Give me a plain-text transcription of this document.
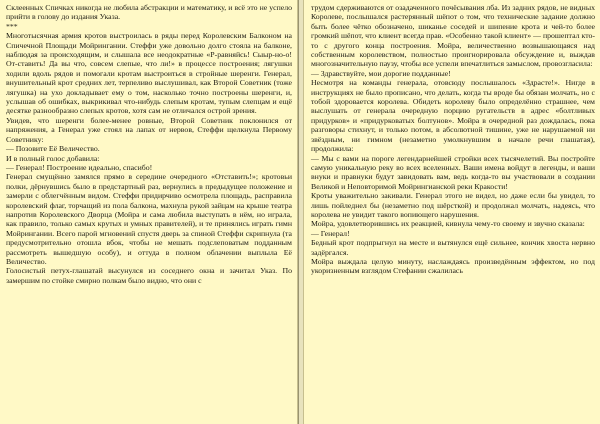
Склеенных Спичках никогда не любила абстракции и математику, и всё это не успело прийти в голову до издания Указа.

***

Многотысячная армия кротов выстроилась в ряды перед Королевским Балконом на Спичечной Площади Мойрингании. Стеффи уже довольно долго стояла на балконе, наблюдая за происходящим, и слышала все неодократные «Р-равняйсь! Сыыр-но-о! От-ставить! Да вы что, совсем слепые, что ли!» в процессе построения; лягушки ходили вдоль рядов и помогали кротам выстроиться в стройные шеренги. Генерал, внушительный крот средних лет, терпеливо выслушивал, как Второй Советник (тоже лягушка) на ухо докладывает ему о том, насколько точно построены шеренги, и, услышав об ошибках, выкрикивал что-нибудь слепым кротам, тупым слепцам и ещё десятке разнообразно слепых кротов, хотя сам не отличался острой зрения.

Увидев, что шеренги более-менее ровные, Второй Советник поклонился от напряжения, а Генерал уже стоял на лапах от нервов, Стеффи щелкнула Первому Советнику:

— Позовите Её Величество.

И в полный голос добавила:

— Генерал! Построение идеально, спасибо!

Генерал смущённо замялся прямо в середине очередного «Отставить!»; кротовьи полки, дёрнувшись было в предстартный раз, вернулись в предыдущее положение и замерли с облегчённым видом. Стеффи придирчиво осмотрела площадь, расправила королевский флаг, торчащий из пола балкона, махнула рукой зайцам на крыше театра напротив Королевского Дворца (Мойра и сама любила выступать в нём, но играла, как правило, только самых крутых и умных правителей), и те принялись играть гимн Мойрингании. Всего парой мгновений спустя дверь за спиной Стеффи скрипнула (та предусмотрительно отошла вбок, чтобы не мешать подслеповатым подданным рассмотреть вышедшую особу), и оттуда в полном облачении выплыла Её Величество.

Голосистый петух-глашатай высунулся из соседнего окна и зачитал Указ. По замершим по стойке смирно полкам было видно, что они с

трудом сдерживаются от озадаченного почёсывания лба. Из задних рядов, не видных Королеве, послышался растерянный шёпот о том, что технические задание должно быть более чётко обозначено, шиканье соседей и шипение крота и чей-то более громкий шёпот, что клиент всегда прав. «Особенно такой клиент» — прошептал кто-то с другого конца построения. Мойра, величественно возвышающаяся над собственным королевством, полностью проигнорировала обсуждение и, выждав многозначительную паузу, чтобы все успели впечатлиться замыслом, провозгласила:

— Здравствуйте, мои дорогие подданные!

Несмотря на команды генерала, отовсюду послышалось «Здрасте!». Нигде в инструкциях не было прописано, что делать, когда ты вроде бы обязан молчать, но с тобой здоровается королева. Обидеть королеву было определённо страшнее, чем выслушать от генерала очередную порцию ругательств в адрес «болтливых придурков» и «придурковатых болтунов». Мойра в очередной раз дождалась, пока разговоры стихнут, и только потом, в абсолютной тишине, уже не нарушаемой ни звёздным, ни гимном (незаметно умолкнувшим в начале речи глашатая), продолжила:

— Мы с вами на пороге легендарнейшей стройки всех тысячелетий. Вы постройте самую уникальную реку во всех вселенных. Ваши имена войдут в легенды, и ваши внуки и правнуки будут завидовать вам, ведь когда-то вы участвовали в создании Великой и Неповторимой Мойрингианской реки Кракости!

Кроты уважительно закивали. Генерал этого не видел, но даже если бы увидел, то лишь пойледнел бы (незаметно под шёрсткой) и продолжал молчать, надеясь, что королева не увидит такого вопиющего нарушения.

Мойра, удовлетворившись их реакцией, кивнула чему-то своему и звучно сказала:

— Генерал!

Бедный крот подпрыгнул на месте и вытянулся ещё сильнее, кончик хвоста нервно задёргался.

Мойра выждала целую минуту, наслаждаясь произведённым эффектом, но под укоризненным взглядом Стефании сжалилась
